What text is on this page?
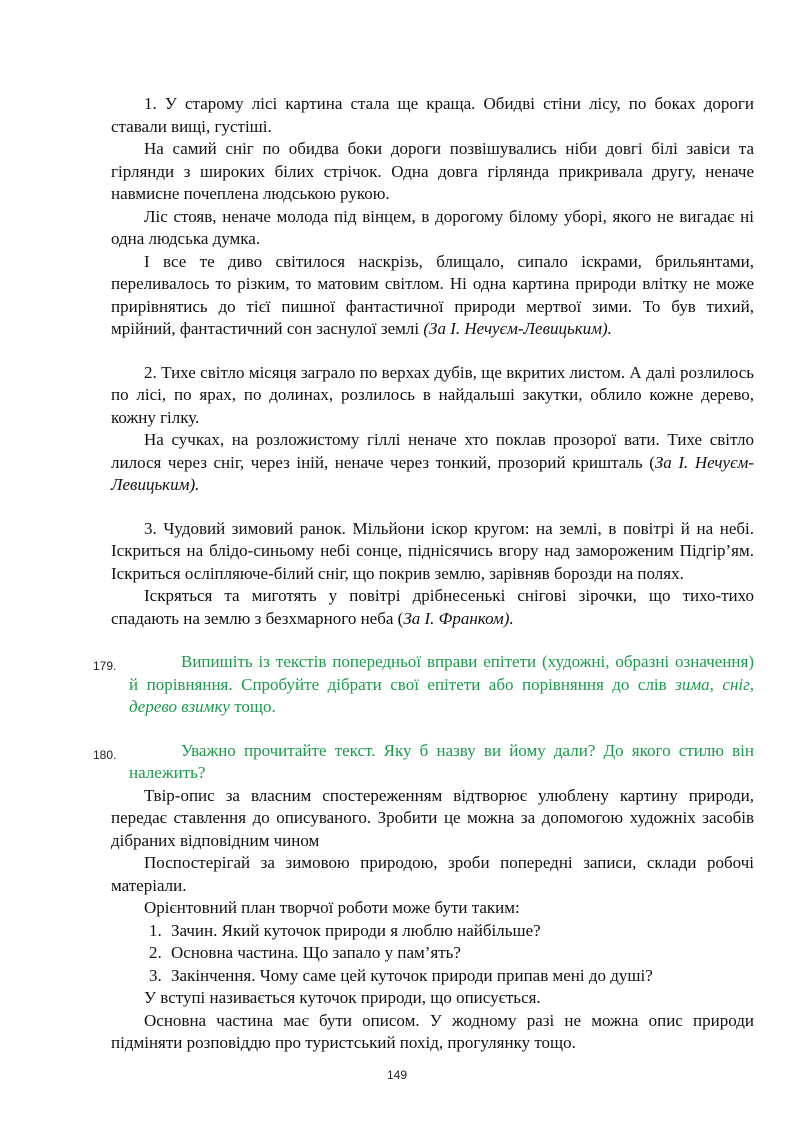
1. У старому лісі картина стала ще краща. Обидві стіни лісу, по боках дороги ставали вищі, густіші.

На самий сніг по обидва боки дороги позвішувались ніби довгі білі завіси та гірлянди з широких білих стрічок. Одна довга гірлянда прикривала другу, неначе навмисне почеплена людською рукою.

Ліс стояв, неначе молода під вінцем, в дорогому білому уборі, якого не вигадає ні одна людська думка.

І все те диво світилося наскрізь, блищало, сипало іскрами, брильянтами, переливалось то різким, то матовим світлом. Ні одна картина природи влітку не може прирівнятись до тієї пишної фантастичної природи мертвої зими. То був тихий, мрійний, фантастичний сон заснулої землі (За І. Нечуєм-Левицьким).

2. Тихе світло місяця заграло по верхах дубів, ще вкритих листом. А далі розлилось по лісі, по ярах, по долинах, розлилось в найдальші закутки, облило кожне дерево, кожну гілку.

На сучках, на розложистому гіллі неначе хто поклав прозорої вати. Тихе світло лилося через сніг, через іній, неначе через тонкий, прозорий кришталь (За І. Нечуєм-Левицьким).

3. Чудовий зимовий ранок. Мільйони іскор кругом: на землі, в повітрі й на небі. Іскриться на блідо-синьому небі сонце, піднісячись вгору над замороженим Підгір’ям. Іскриться осліпляюче-білий сніг, що покрив землю, зарівняв борозди на полях.

Іскряться та миготять у повітрі дрібнесенькі снігові зірочки, що тихо-тихо спадають на землю з безхмарного неба (За І. Франком).

179.	Випишіть із текстів попередньої вправи епітети (художні, образні означення) й порівняння. Спробуйте дібрати свої епітети або порівняння до слів зима, сніг, дерево взимку тощо.

180.	Уважно прочитайте текст. Яку б назву ви йому дали? До якого стилю він належить?

Твір-опис за власним спостереженням відтворює улюблену картину природи, передає ставлення до описуваного. Зробити це можна за допомогою художніх засобів дібраних відповідним чином

Поспостерігай за зимовою природою, зроби попередні записи, склади робочі матеріали.

Орієнтовний план творчої роботи може бути таким:

1. Зачин. Який куточок природи я люблю найбільше?

2. Основна частина. Що запало у пам’ять?

3. Закінчення. Чому саме цей куточок природи припав мені до душі?

У вступі називається куточок природи, що описується.

Основна частина має бути описом. У жодному разі не можна опис природи підміняти розповіддю про туристський похід, прогулянку тощо.

149
